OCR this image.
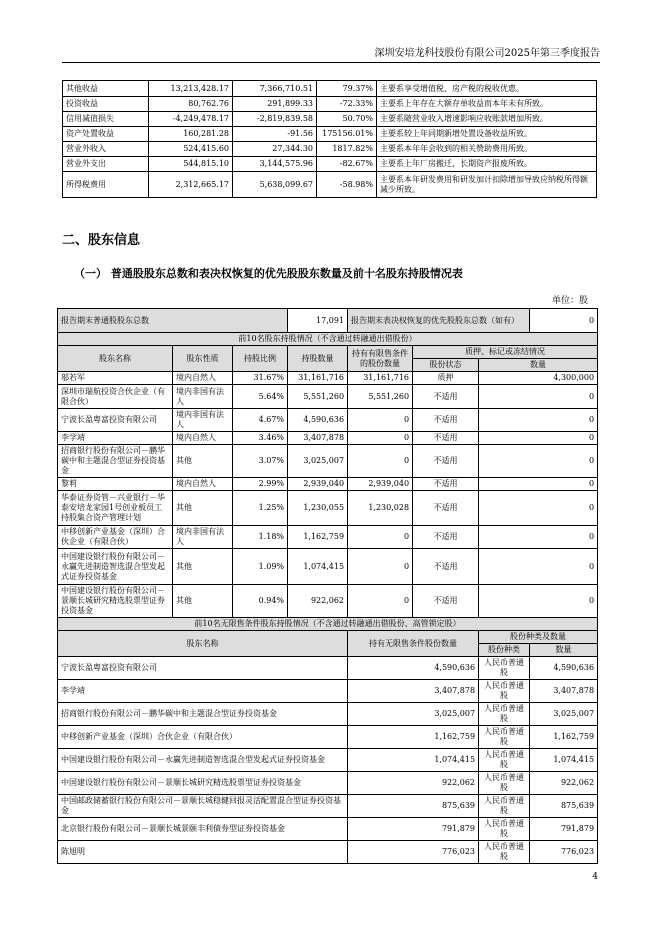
深圳安培龙科技股份有限公司2025年第三季度报告
其他收益	13,213,428.17	7,366,710.51	79.37%	主要系享受增值税、房产税的税收优惠。
投资收益	80,762.76	291,899.33	-72.33%	主要系上年存在大额存单收益而本年未有所致。
信用减值损失	-4,249,478.17	-2,819,839.58	50.70%	主要系随营业收入增速影响应收账款增加所致。
资产处置收益	160,281.28	-91.56	175156.01%	主要系较上年同期新增处置设备收益所致。
营业外收入	524,415.60	27,344.30	1817.82%	主要系本年年会收到的相关赞助费用所致。
营业外支出	544,815.10	3,144,575.96	-82.67%	主要系上年厂房搬迁，长期资产报废所致。
所得税费用	2,312,665.17	5,638,099.67	-58.98%	主要系本年研发费用和研发加计扣除增加导致应纳税所得额减少所致。
二、股东信息
（一） 普通股股东总数和表决权恢复的优先股股东数量及前十名股东持股情况表
单位：股
报告期末普通股股东总数			17,091	报告期末表决权恢复的优先股股东总数（如有）			0
前10名股东持股情况（不含通过转融通出借股份）							
股东名称	股东性质	持股比例	持股数量	持有有限售条件的股份数量	质押、标记或冻结情况		
					股份状态	数量	
邬若军	境内自然人	31.67%	31,161,716	31,161,716	质押	4,300,000	
深圳市瑞航投资合伙企业（有限合伙）	境内非国有法人	5.64%	5,551,260	5,551,260	不适用	0	
宁波长盈粤富投资有限公司	境内非国有法人	4.67%	4,590,636	0	不适用	0	
李学靖	境内自然人	3.46%	3,407,878	0	不适用	0	
招商银行股份有限公司－鹏华碳中和主题混合型证券投资基金	其他	3.07%	3,025,007	0	不适用	0	
黎莉	境内自然人	2.99%	2,939,040	2,939,040	不适用	0	
华泰证券资管－兴业银行－华泰安培龙家园1号创业板员工持股集合资产管理计划	其他	1.25%	1,230,055	1,230,028	不适用	0	
中移创新产业基金（深圳）合伙企业（有限合伙）	境内非国有法人	1.18%	1,162,759	0	不适用	0	
中国建设银行股份有限公司－永赢先进制造智选混合型发起式证券投资基金	其他	1.09%	1,074,415	0	不适用	0	
中国建设银行股份有限公司－景顺长城研究精选股票型证券投资基金	其他	0.94%	922,062	0	不适用	0	
前10名无限售条件股东持股情况（不含通过转融通出借股份、高管锁定股）							
股东名称				持有无限售条件股份数量		股份种类及数量	
						股份种类	数量
宁波长盈粤富投资有限公司				4,590,636		人民币普通股	4,590,636
李学靖				3,407,878		人民币普通股	3,407,878
招商银行股份有限公司－鹏华碳中和主题混合型证券投资基金				3,025,007		人民币普通股	3,025,007
中移创新产业基金（深圳）合伙企业（有限合伙）				1,162,759		人民币普通股	1,162,759
中国建设银行股份有限公司－永赢先进制造智选混合型发起式证券投资基金				1,074,415		人民币普通股	1,074,415
中国建设银行股份有限公司－景顺长城研究精选股票型证券投资基金				922,062		人民币普通股	922,062
中国邮政储蓄银行股份有限公司－景顺长城稳健回报灵活配置混合型证券投资基金				875,639		人民币普通股	875,639
北京银行股份有限公司－景顺长城景颐丰利债券型证券投资基金				791,879		人民币普通股	791,879
陈旭明				776,023		人民币普通股	776,023
4
